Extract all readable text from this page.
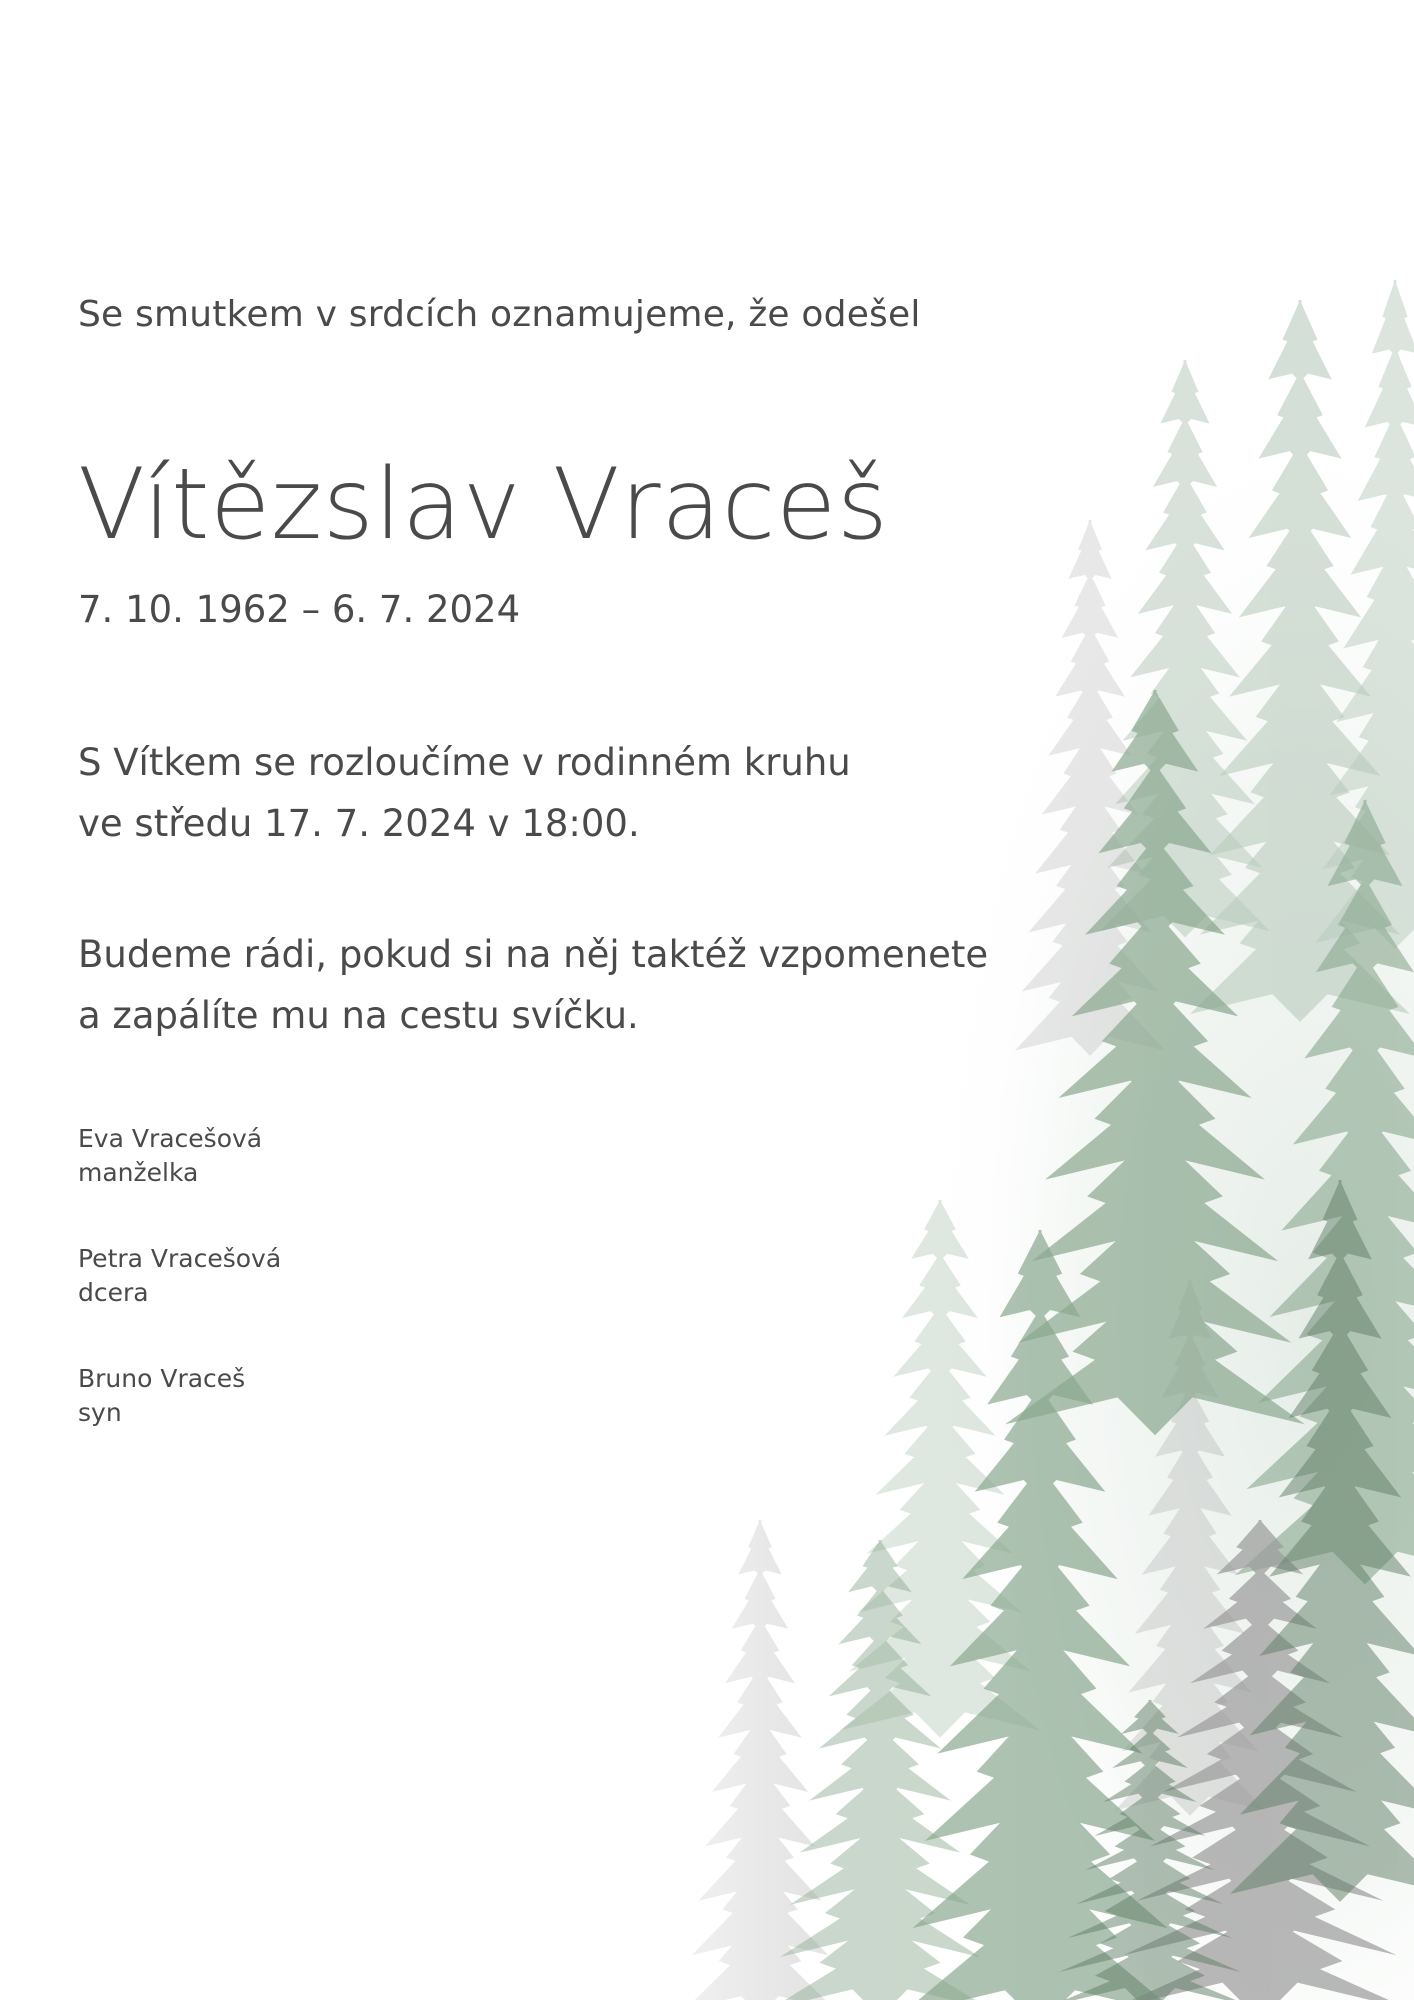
Se smutkem v srdcích oznamujeme, že odešel

Vítězslav Vraceš

7. 10. 1962 – 6. 7. 2024

S Vítkem se rozloučíme v rodinném kruhu
ve středu 17. 7. 2024 v 18:00.

Budeme rádi, pokud si na něj taktéž vzpomenete
a zapálíte mu na cestu svíčku.

Eva Vracešová
manželka
Petra Vracešová
dcera
Bruno Vraceš
syn
